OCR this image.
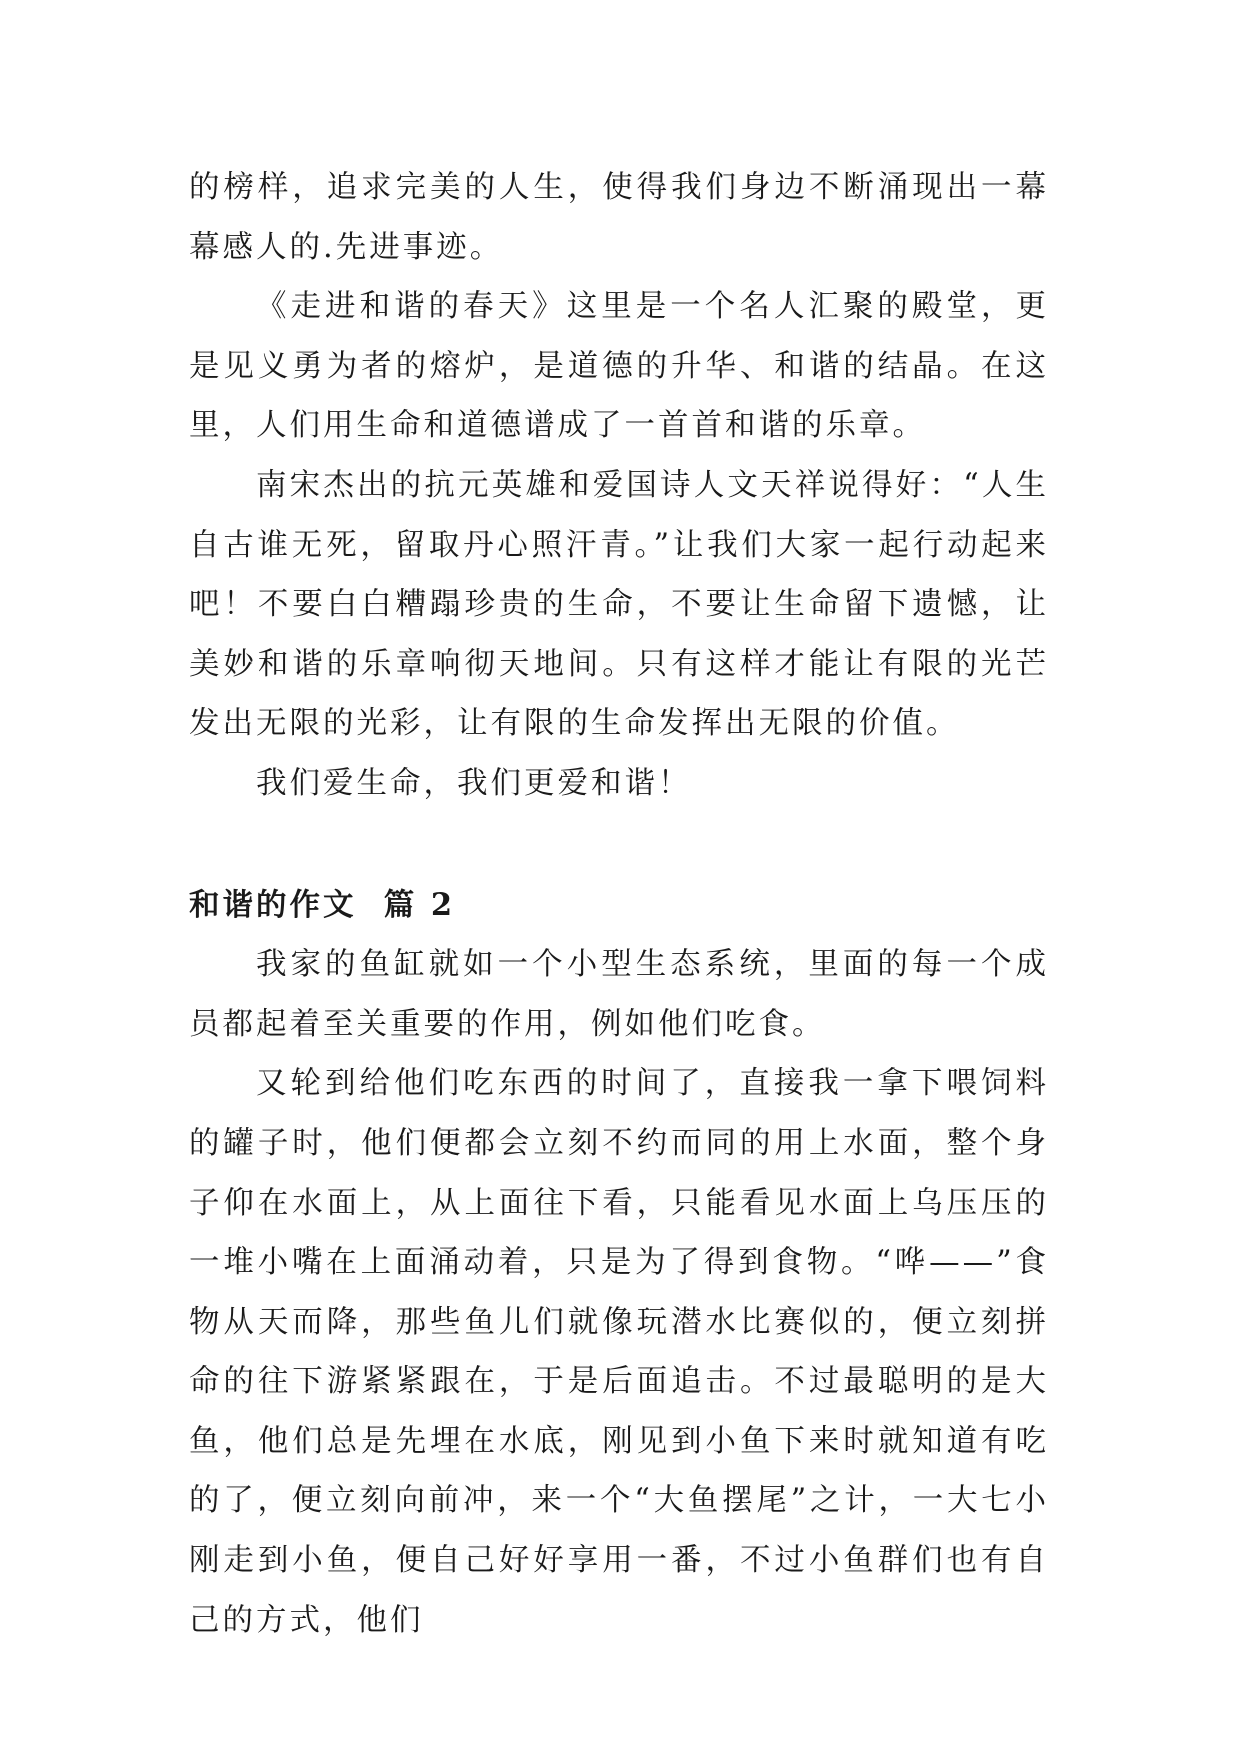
的榜样，追求完美的人生，使得我们身边不断涌现出一幕幕感人的.先进事迹。

《走进和谐的春天》这里是一个名人汇聚的殿堂，更是见义勇为者的熔炉，是道德的升华、和谐的结晶。在这里，人们用生命和道德谱成了一首首和谐的乐章。

南宋杰出的抗元英雄和爱国诗人文天祥说得好：“人生自古谁无死，留取丹心照汗青。”让我们大家一起行动起来吧！不要白白糟蹋珍贵的生命，不要让生命留下遗憾，让美妙和谐的乐章响彻天地间。只有这样才能让有限的光芒发出无限的光彩，让有限的生命发挥出无限的价值。

我们爱生命，我们更爱和谐！

和谐的作文  篇 2

我家的鱼缸就如一个小型生态系统，里面的每一个成员都起着至关重要的作用，例如他们吃食。

又轮到给他们吃东西的时间了，直接我一拿下喂饲料的罐子时，他们便都会立刻不约而同的用上水面，整个身子仰在水面上，从上面往下看，只能看见水面上乌压压的一堆小嘴在上面涌动着，只是为了得到食物。“哗——”食物从天而降，那些鱼儿们就像玩潜水比赛似的，便立刻拼命的往下游紧紧跟在，于是后面追击。不过最聪明的是大鱼，他们总是先埋在水底，刚见到小鱼下来时就知道有吃的了，便立刻向前冲，来一个“大鱼摆尾”之计，一大七小刚走到小鱼，便自己好好享用一番，不过小鱼群们也有自己的方式，他们
